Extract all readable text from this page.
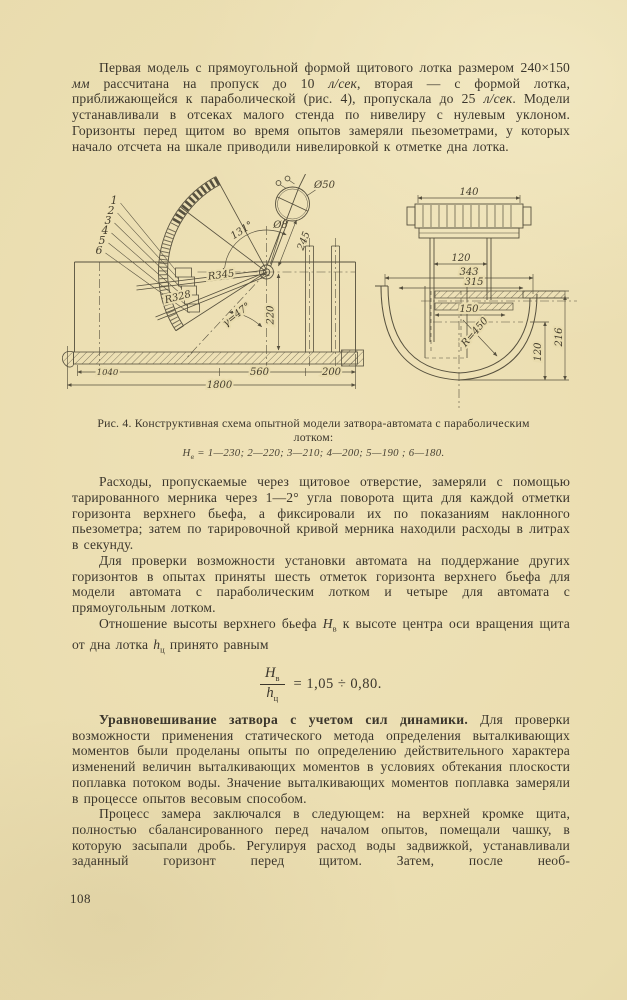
Первая модель с прямоугольной формой щитового лотка размером 240×150 мм рассчитана на пропуск до 10 л/сек, вторая — с формой лотка, приближающейся к параболической (рис. 4), пропускала до 25 л/сек. Модели устанавливали в отсеках малого стенда по нивелиру с нулевым уклоном. Горизонты перед щитом во время опытов замеряли пьезометрами, у которых начало отсчета на шкале приводили нивелировкой к отметке дна лотка.

1
2
3
4
5
6
Ø50
Ø8
245
131°
R345
R328
220
γ=47°
1040	560	200
1800
140
120
343
315
150
R=450
120
216
Рис. 4. Конструктивная схема опытной модели затвора-автомата с параболическим
лотком:
$Н_в$ = 1—230; 2—220; 3—210; 4—200; 5—190 ; 6—180.

Расходы, пропускаемые через щитовое отверстие, замеряли с помощью тарированного мерника через 1—2° угла поворота щита для каждой отметки горизонта верхнего бьефа, а фиксировали их по показаниям наклонного пьезометра; затем по тарировочной кривой мерника находили расходы в литрах в секунду.

Для проверки возможности установки автомата на поддержание других горизонтов в опытах приняты шесть отметок горизонта верхнего бьефа для модели автомата с параболическим лотком и четыре для автомата с прямоугольным лотком.

Отношение высоты верхнего бьефа $Н_в$ к высоте центра оси вращения щита от дна лотка $h_ц$ принято равным

$\frac{Н_в}{h_ц} = 1,05 \div 0,80$.

Уравновешивание затвора с учетом сил динамики. Для проверки возможности применения статического метода определения выталкивающих моментов были проделаны опыты по определению действительного характера изменений величин выталкивающих моментов в условиях обтекания плоскости поплавка потоком воды. Значение выталкивающих моментов поплавка замеряли в процессе опытов весовым способом.

Процесс замера заключался в следующем: на верхней кромке щита, полностью сбалансированного перед началом опытов, помещали чашку, в которую засыпали дробь. Регулируя расход воды задвижкой, устанавливали заданный горизонт перед щитом. Затем, после необ-

108
